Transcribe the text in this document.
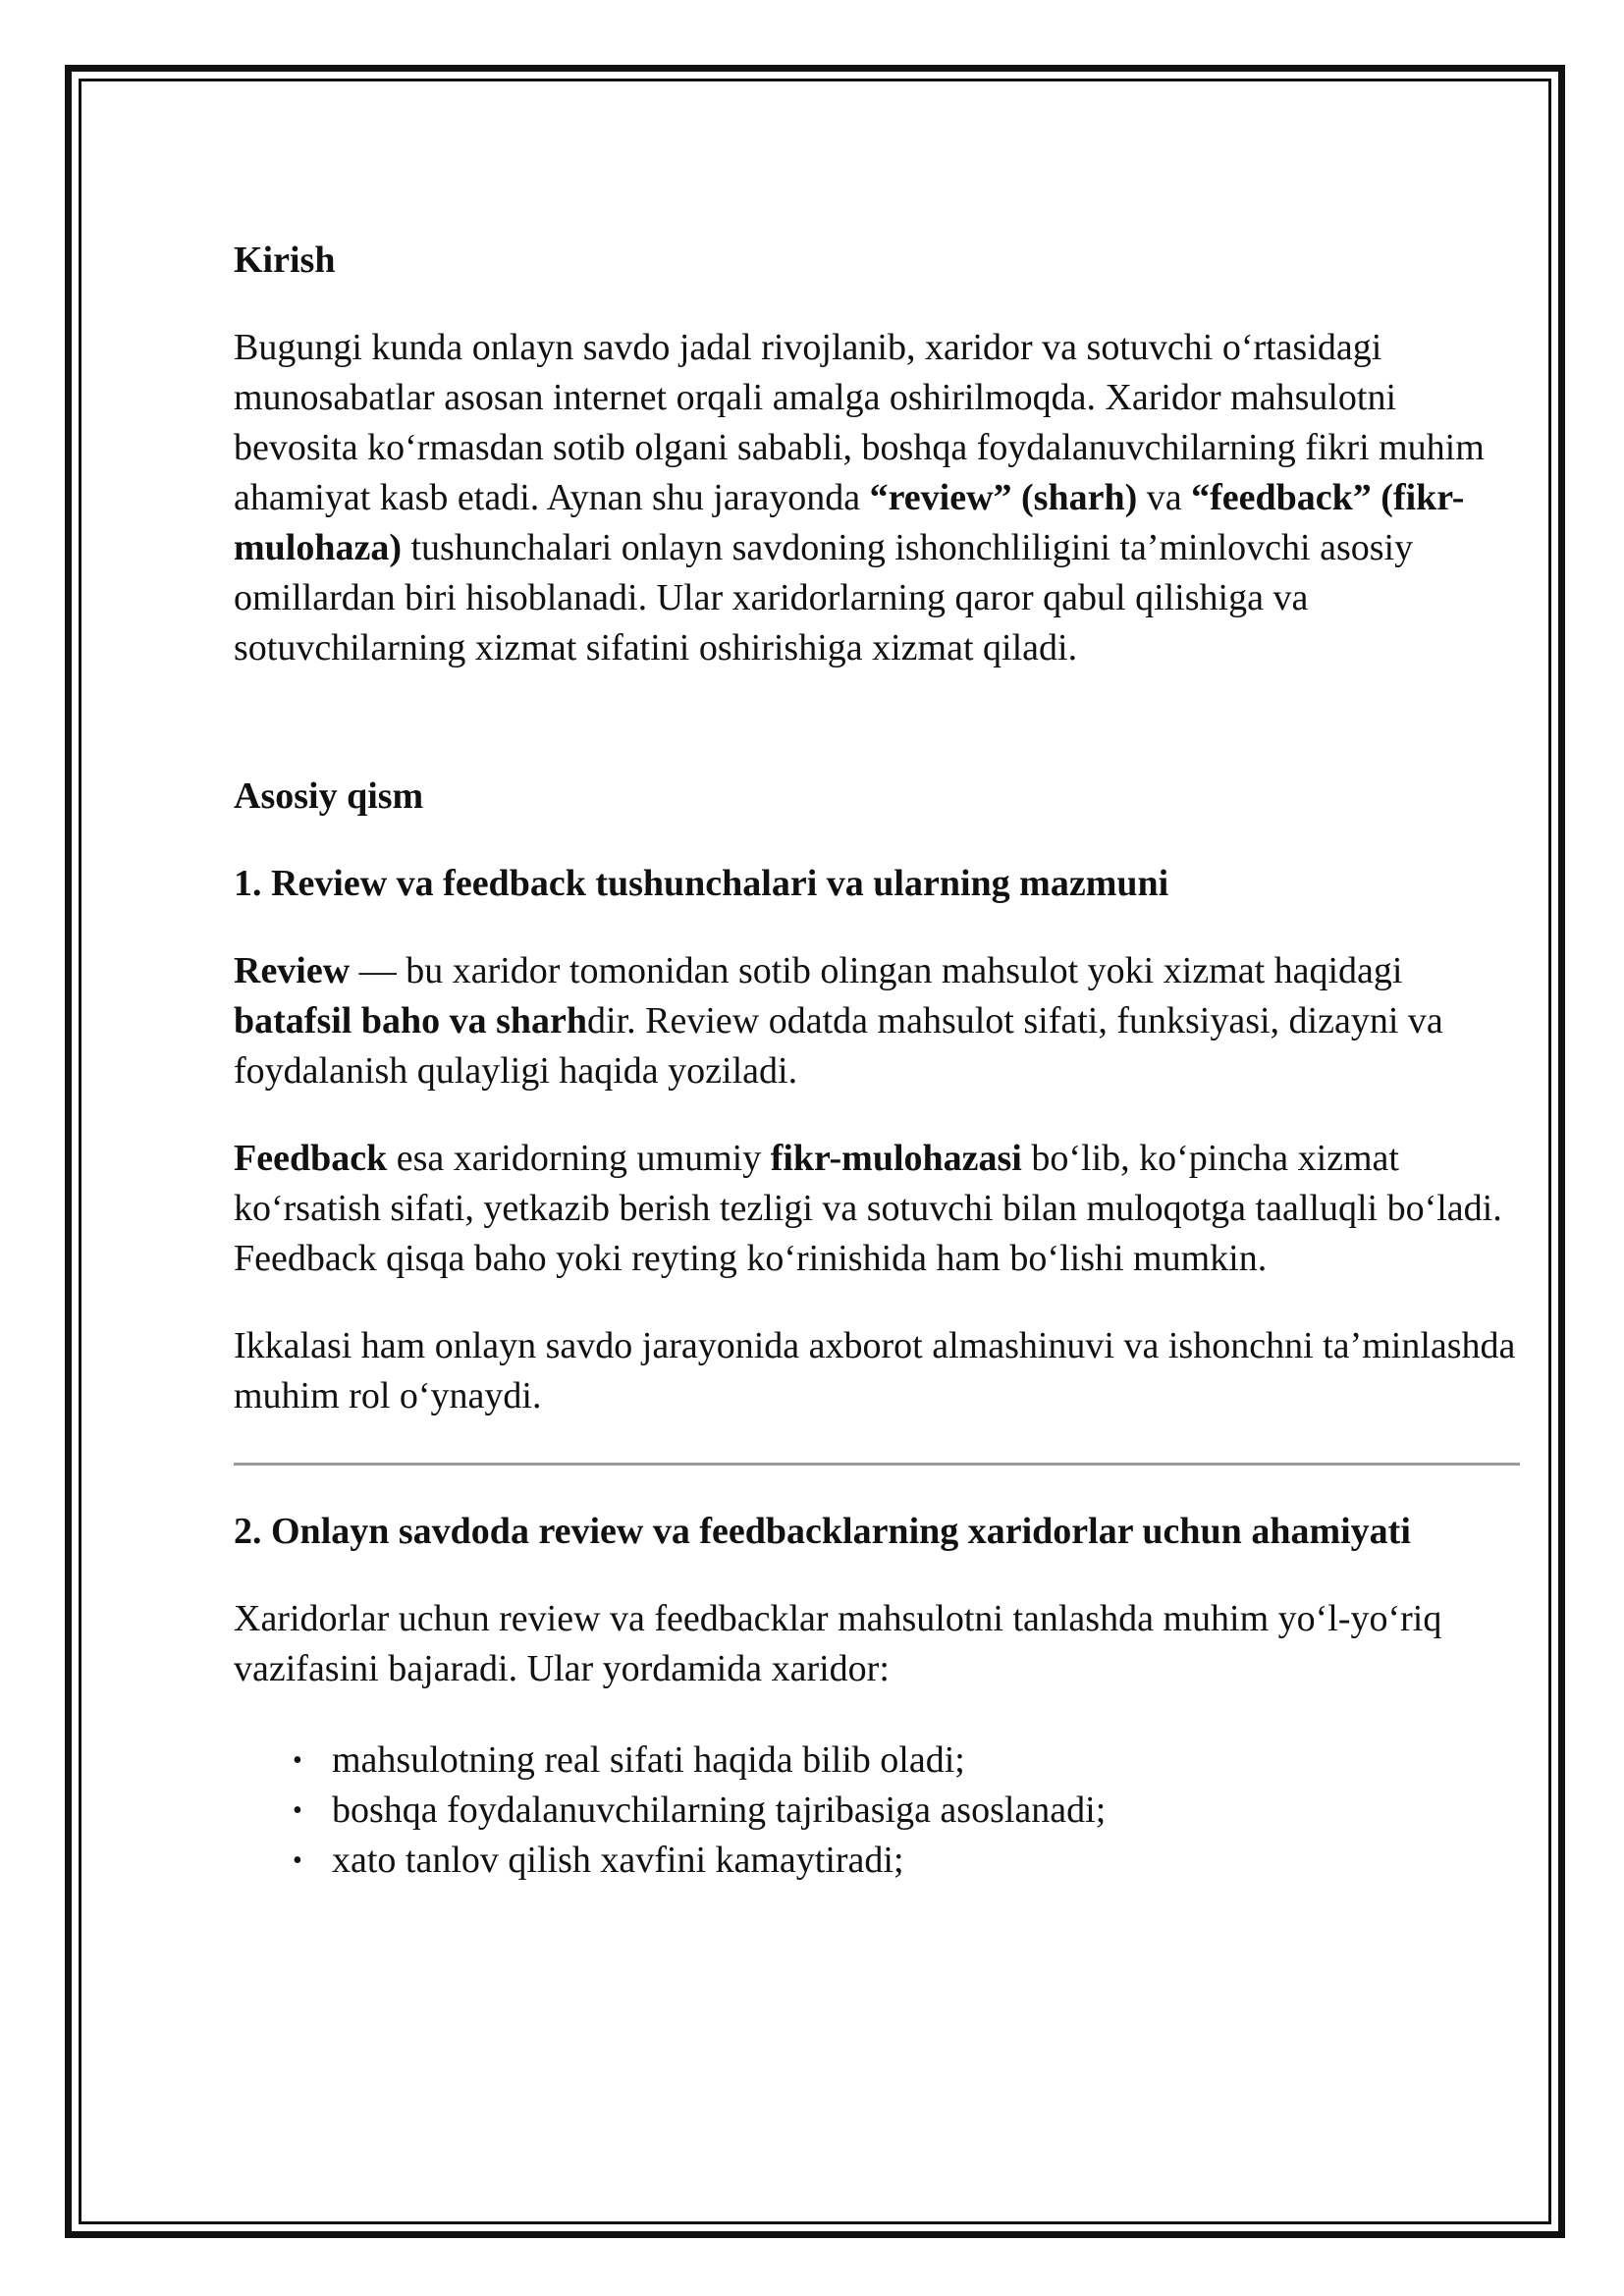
Kirish

Bugungi kunda onlayn savdo jadal rivojlanib, xaridor va sotuvchi o‘rtasidagi munosabatlar asosan internet orqali amalga oshirilmoqda. Xaridor mahsulotni bevosita ko‘rmasdan sotib olgani sababli, boshqa foydalanuvchilarning fikri muhim ahamiyat kasb etadi. Aynan shu jarayonda “review” (sharh) va “feedback” (fikr-mulohaza) tushunchalari onlayn savdoning ishonchliligini ta’minlovchi asosiy omillardan biri hisoblanadi. Ular xaridorlarning qaror qabul qilishiga va sotuvchilarning xizmat sifatini oshirishiga xizmat qiladi.

Asosiy qism
1. Review va feedback tushunchalari va ularning mazmuni

Review — bu xaridor tomonidan sotib olingan mahsulot yoki xizmat haqidagi batafsil baho va sharhdir. Review odatda mahsulot sifati, funksiyasi, dizayni va foydalanish qulayligi haqida yoziladi.

Feedback esa xaridorning umumiy fikr-mulohazasi bo‘lib, ko‘pincha xizmat ko‘rsatish sifati, yetkazib berish tezligi va sotuvchi bilan muloqotga taalluqli bo‘ladi. Feedback qisqa baho yoki reyting ko‘rinishida ham bo‘lishi mumkin.

Ikkalasi ham onlayn savdo jarayonida axborot almashinuvi va ishonchni ta’minlashda muhim rol o‘ynaydi.

2. Onlayn savdoda review va feedbacklarning xaridorlar uchun ahamiyati

Xaridorlar uchun review va feedbacklar mahsulotni tanlashda muhim yo‘l-yo‘riq vazifasini bajaradi. Ular yordamida xaridor:

• mahsulotning real sifati haqida bilib oladi;
• boshqa foydalanuvchilarning tajribasiga asoslanadi;
• xato tanlov qilish xavfini kamaytiradi;
